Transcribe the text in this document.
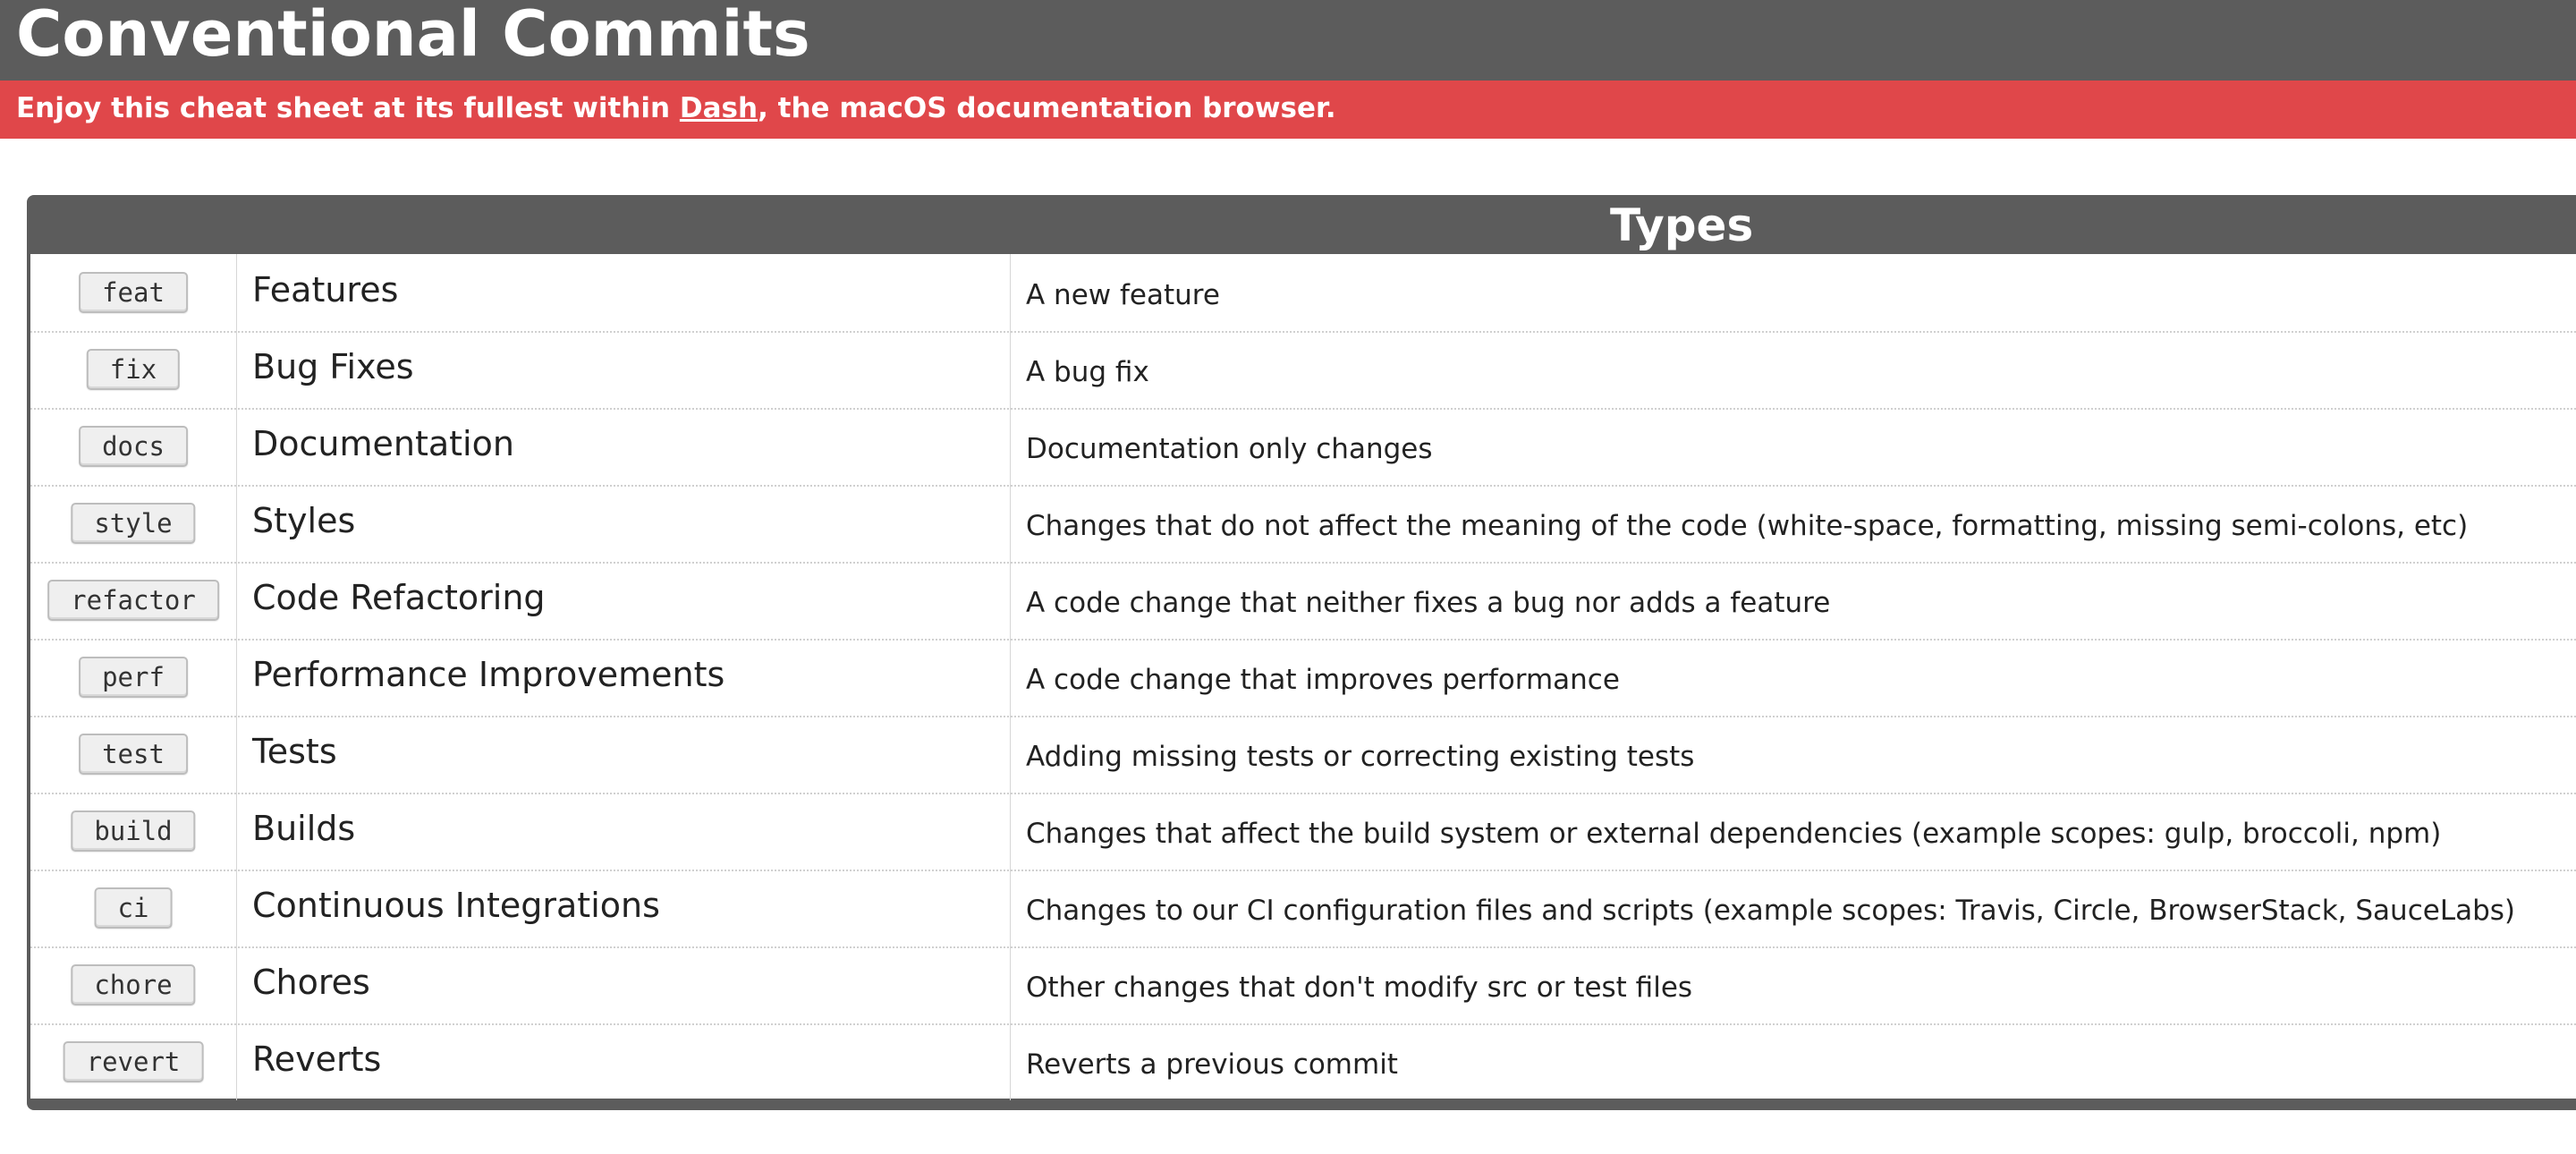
Conventional Commits
Enjoy this cheat sheet at its fullest within Dash, the macOS documentation browser.
Types
feat	Features	A new feature
fix	Bug Fixes	A bug fix
docs	Documentation	Documentation only changes
style	Styles	Changes that do not affect the meaning of the code (white-space, formatting, missing semi-colons, etc)
refactor	Code Refactoring	A code change that neither fixes a bug nor adds a feature
perf	Performance Improvements	A code change that improves performance
test	Tests	Adding missing tests or correcting existing tests
build	Builds	Changes that affect the build system or external dependencies (example scopes: gulp, broccoli, npm)
ci	Continuous Integrations	Changes to our CI configuration files and scripts (example scopes: Travis, Circle, BrowserStack, SauceLabs)
chore	Chores	Other changes that don't modify src or test files
revert	Reverts	Reverts a previous commit
